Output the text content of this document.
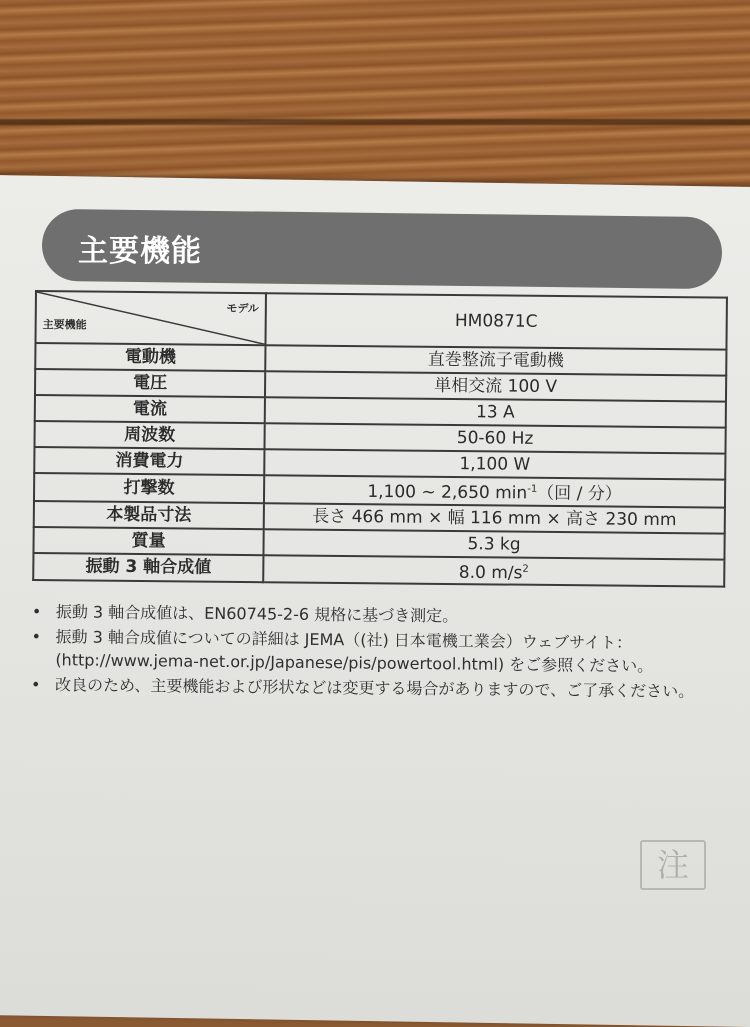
注
主要機能
モデル
主要機能	HM0871C
電動機	直巻整流子電動機
電圧	単相交流 100 V
電流	13 A
周波数	50-60 Hz
消費電力	1,100 W
打撃数	1,100 ~ 2,650 $\min^{-1}$（回 / 分）
本製品寸法	長さ 466 mm × 幅 116 mm × 高さ 230 mm
質量	5.3 kg
振動 3 軸合成値	8.0 $m/s^2$
• 振動 3 軸合成値は、EN60745-2-6 規格に基づき測定。
• 振動 3 軸合成値についての詳細は JEMA（(社) 日本電機工業会）ウェブサイト：(http://www.jema-net.or.jp/Japanese/pis/powertool.html) をご参照ください。
• 改良のため、主要機能および形状などは変更する場合がありますので、ご了承ください。
